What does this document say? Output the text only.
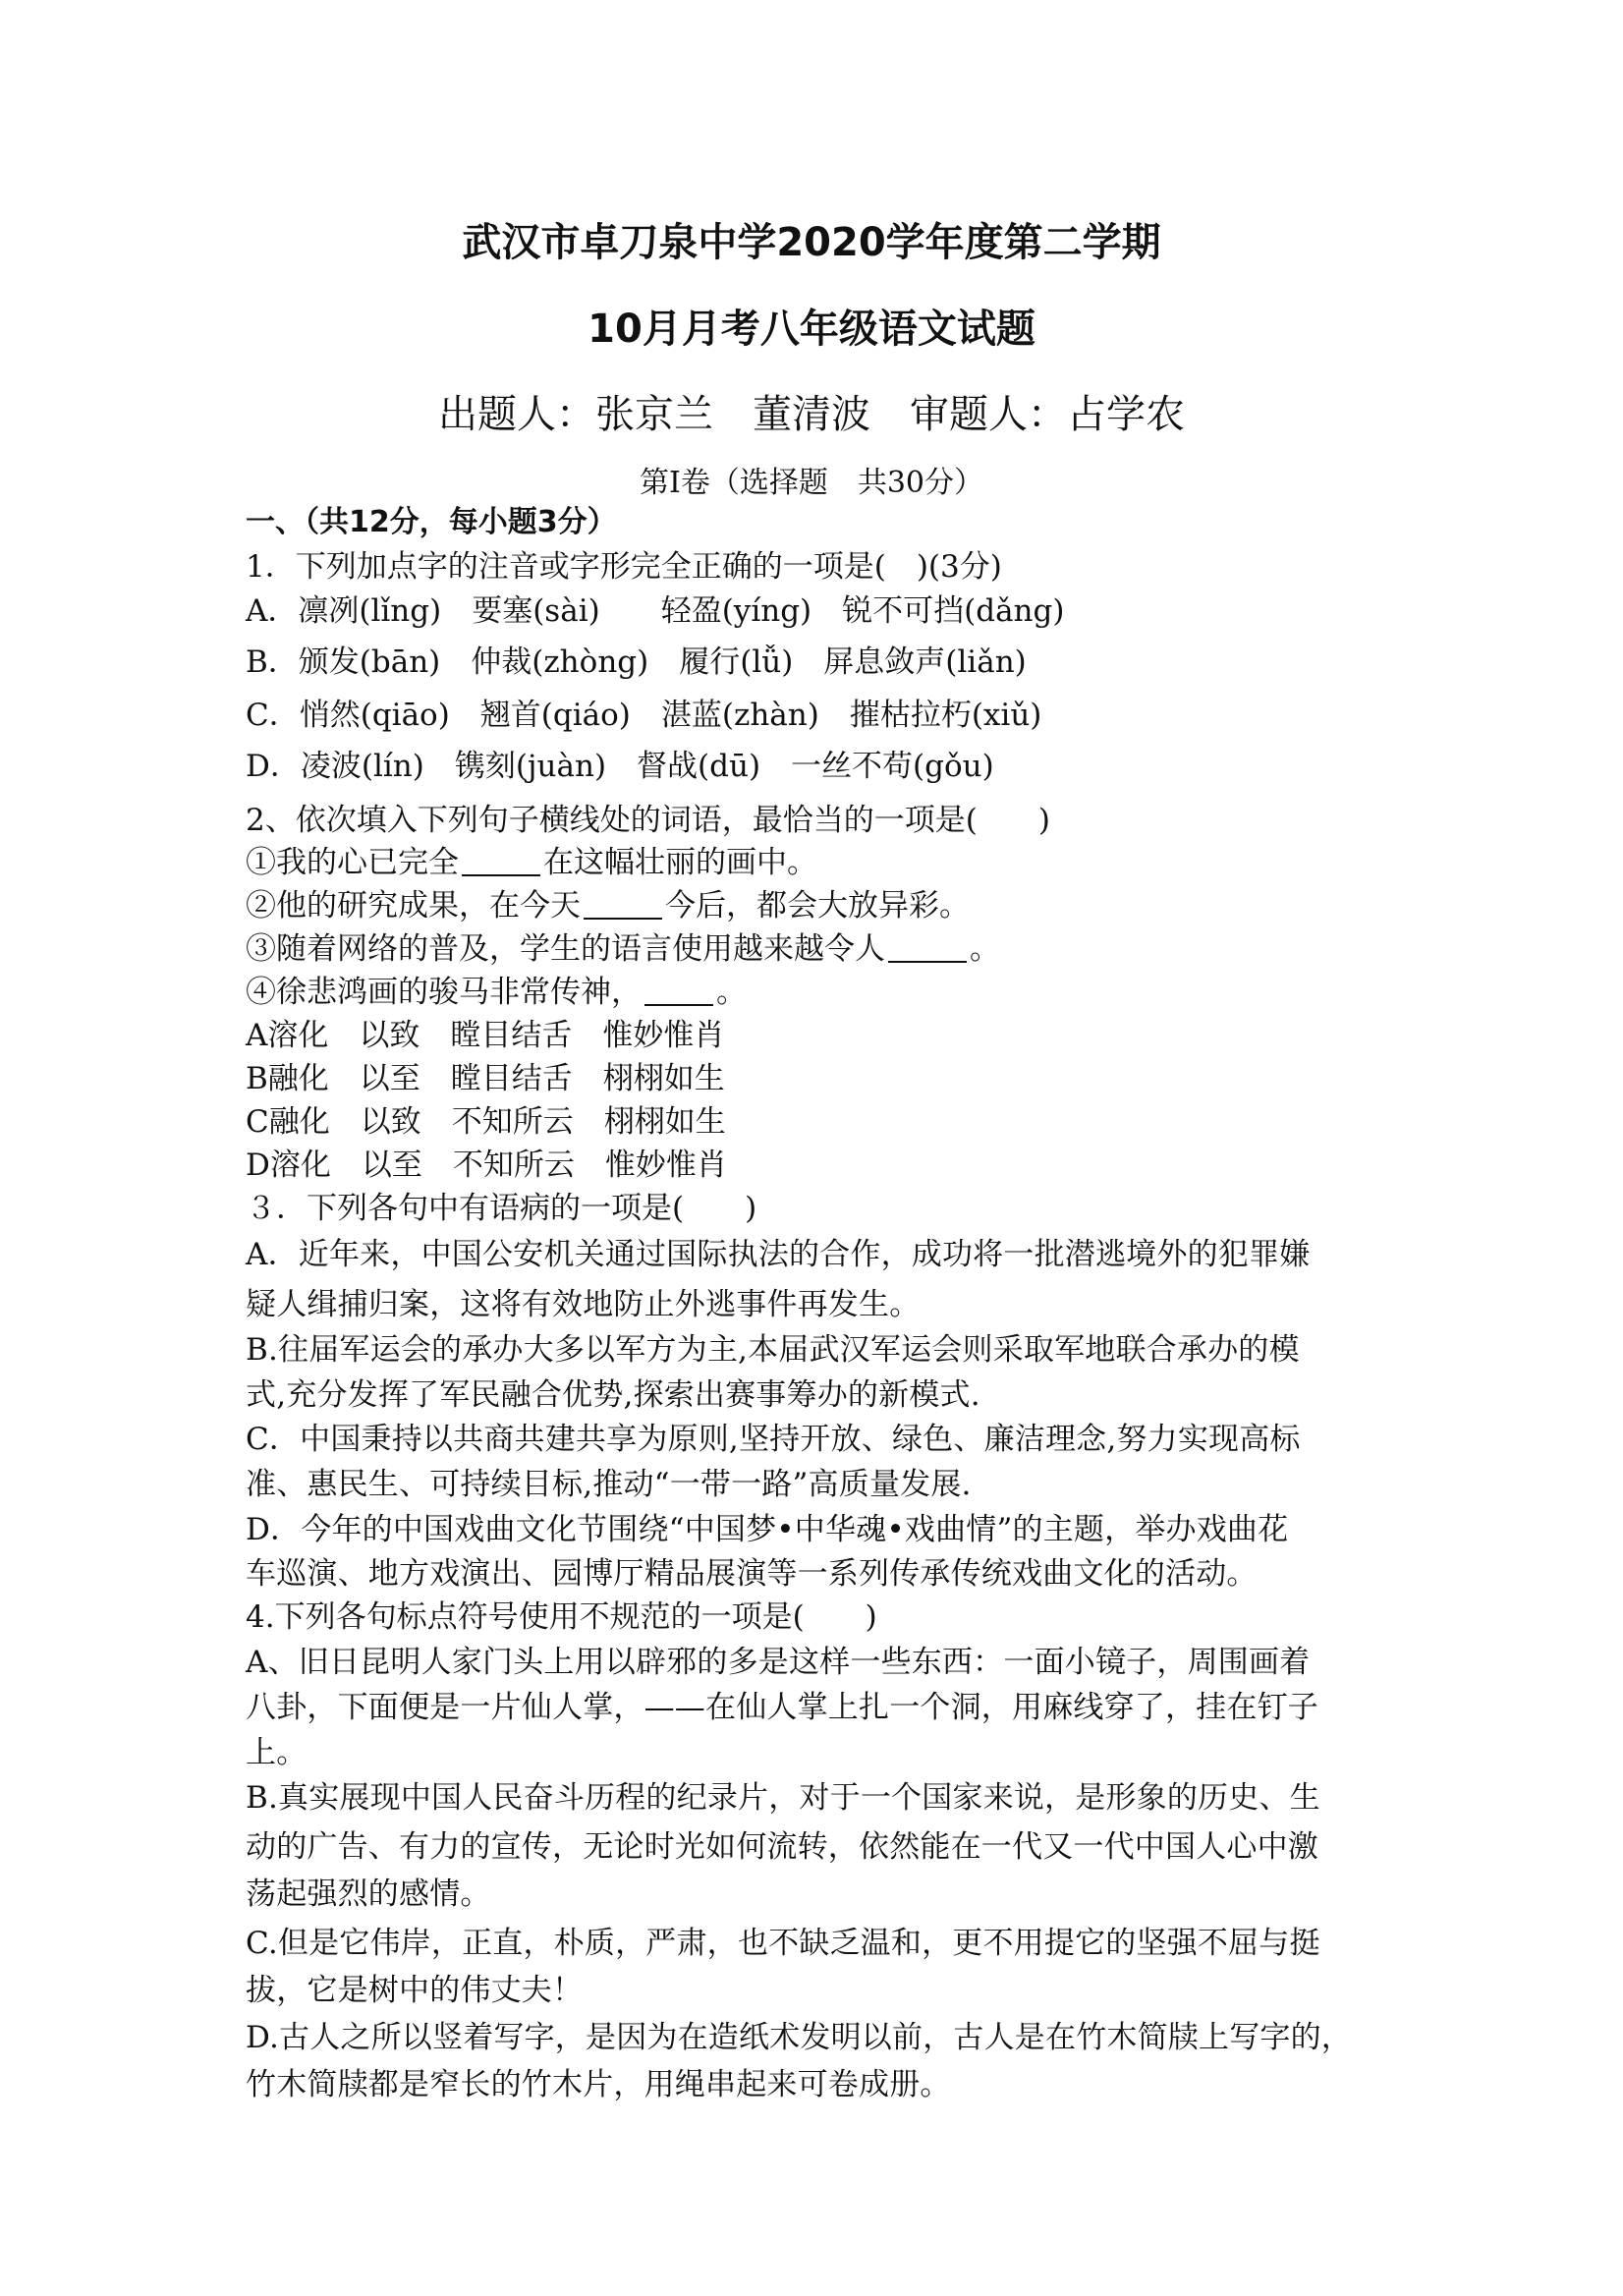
武汉市卓刀泉中学2020学年度第二学期
10月月考八年级语文试题
出题人：张京兰　董清波　审题人：占学农
第Ⅰ卷（选择题　共30分）
一、（共12分，每小题3分）
1．下列加点字的注音或字形完全正确的一项是(　)(3分)
A．凛冽(lǐng)　要塞(sài)　　轻盈(yíng)　锐不可挡(dǎng)
B．颁发(bān)　仲裁(zhòng)　履行(lǚ)　屏息敛声(liǎn)
C．悄然(qiāo)　翘首(qiáo)　湛蓝(zhàn)　摧枯拉朽(xiǔ)
D．凌波(lín)　镌刻(juàn)　督战(dū)　一丝不苟(gǒu)
2、依次填入下列句子横线处的词语，最恰当的一项是(　　)
①我的心已完全	在这幅壮丽的画中。
②他的研究成果，在今天	今后，都会大放异彩。
③随着网络的普及，学生的语言使用越来越令人	。
④徐悲鸿画的骏马非常传神， 。
A溶化　以致　瞠目结舌　惟妙惟肖
B融化　以至　瞠目结舌　栩栩如生
C融化　以致　不知所云　栩栩如生
D溶化　以至　不知所云　惟妙惟肖
３．下列各句中有语病的一项是(　　)
A．近年来，中国公安机关通过国际执法的合作，成功将一批潜逃境外的犯罪嫌
疑人缉捕归案，这将有效地防止外逃事件再发生。
B.往届军运会的承办大多以军方为主,本届武汉军运会则采取军地联合承办的模
式,充分发挥了军民融合优势,探索出赛事筹办的新模式.
C．中国秉持以共商共建共享为原则,坚持开放、绿色、廉洁理念,努力实现高标
准、惠民生、可持续目标,推动“一带一路”高质量发展.
D．今年的中国戏曲文化节围绕“中国梦•中华魂•戏曲情”的主题，举办戏曲花
车巡演、地方戏演出、园博厅精品展演等一系列传承传统戏曲文化的活动。
4.下列各句标点符号使用不规范的一项是(　　)
A、旧日昆明人家门头上用以辟邪的多是这样一些东西：一面小镜子，周围画着
八卦，下面便是一片仙人掌，——在仙人掌上扎一个洞，用麻线穿了，挂在钉子
上。
B.真实展现中国人民奋斗历程的纪录片，对于一个国家来说，是形象的历史、生
动的广告、有力的宣传，无论时光如何流转，依然能在一代又一代中国人心中激
荡起强烈的感情。
C.但是它伟岸，正直，朴质，严肃，也不缺乏温和，更不用提它的坚强不屈与挺
拔，它是树中的伟丈夫！
D.古人之所以竖着写字，是因为在造纸术发明以前，古人是在竹木简牍上写字的，
竹木简牍都是窄长的竹木片，用绳串起来可卷成册。
